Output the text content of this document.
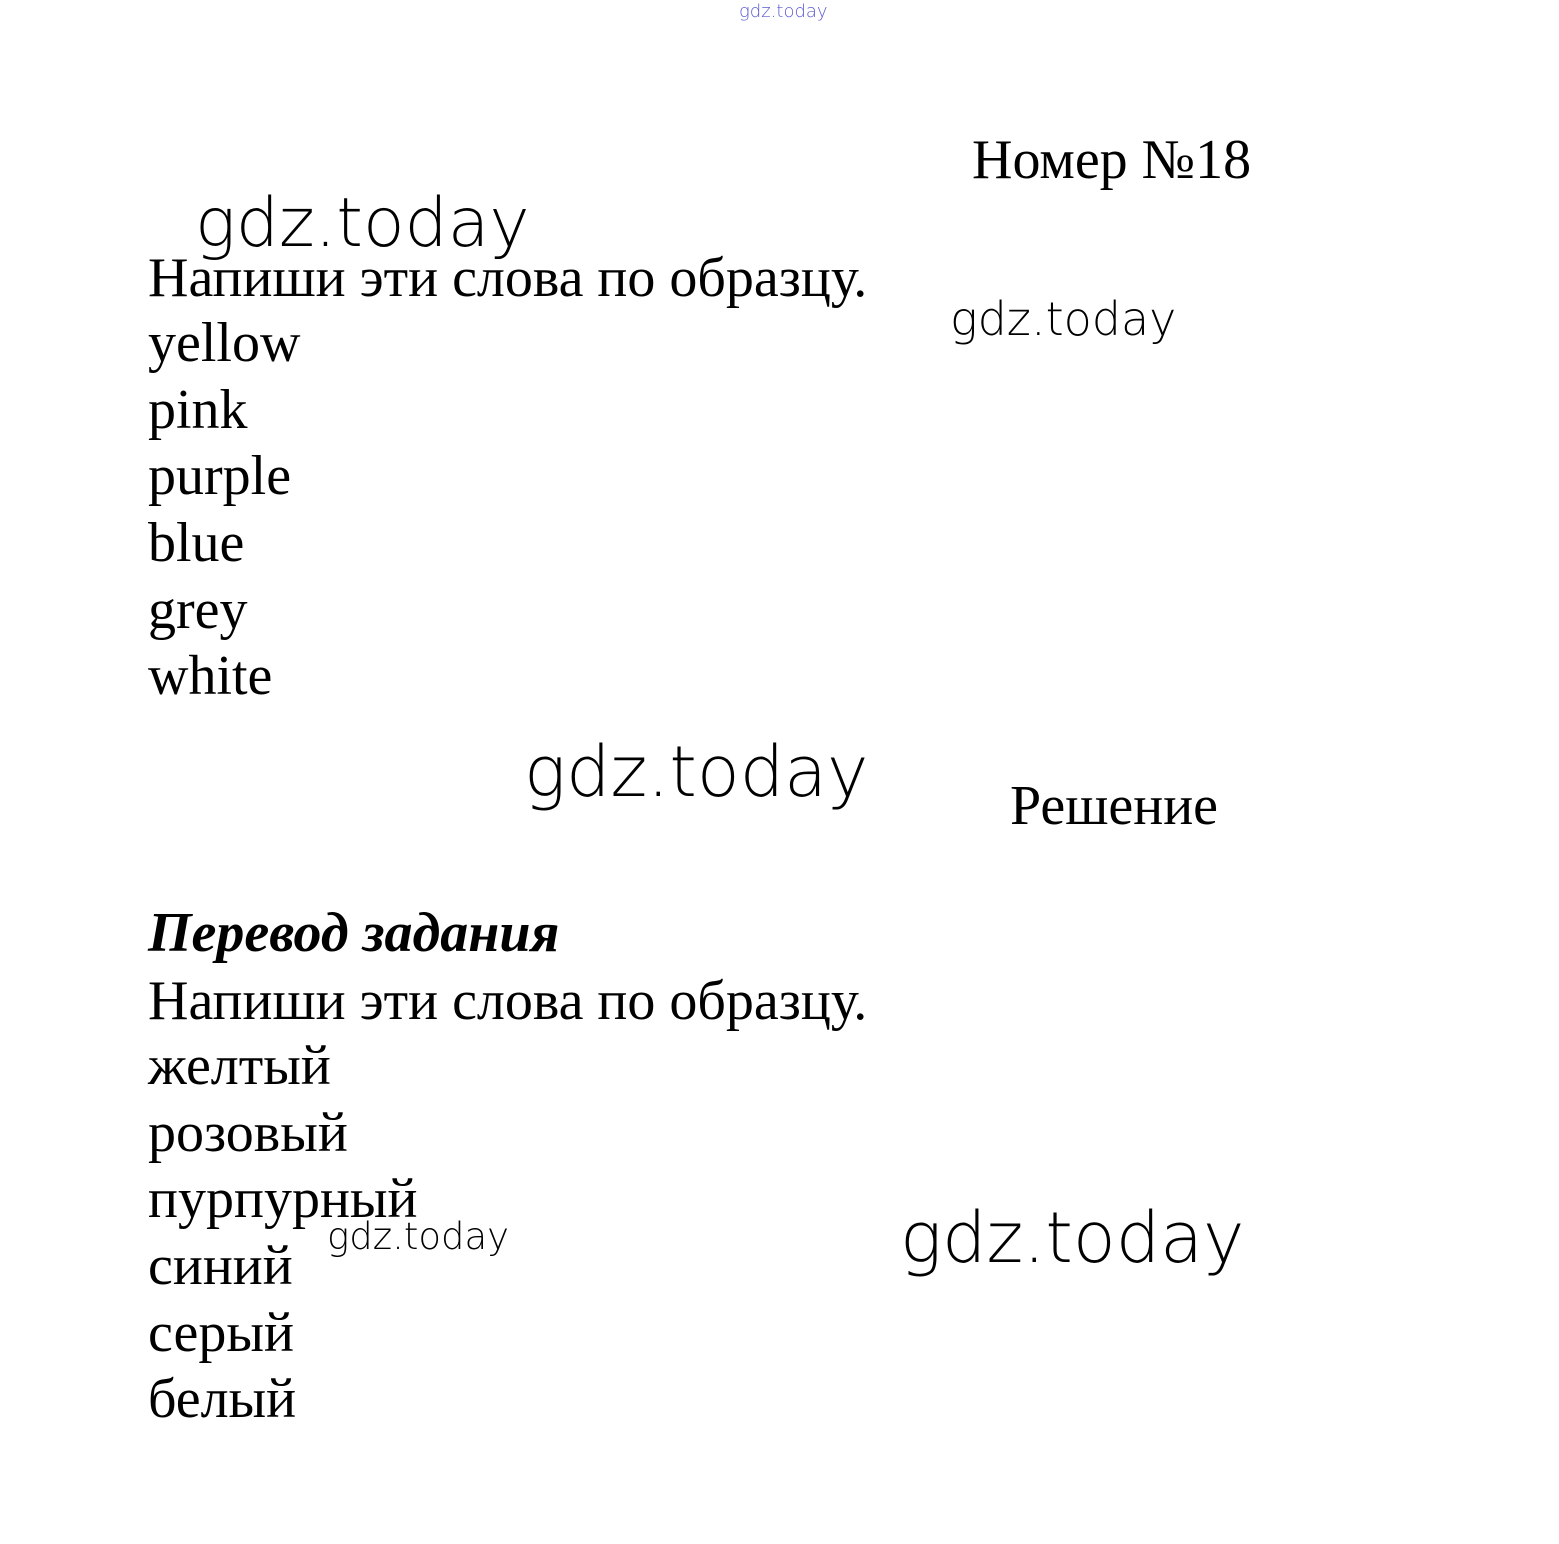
gdz.today
Номер №18
gdz.today
Напиши эти слова по образцу.
gdz.today
yellow
pink
purple
blue
grey
white
gdz.today	Решение
Перевод задания
Напиши эти слова по образцу.
желтый
розовый
пурпурный
синий
серый
белый
gdz.today	gdz.today
